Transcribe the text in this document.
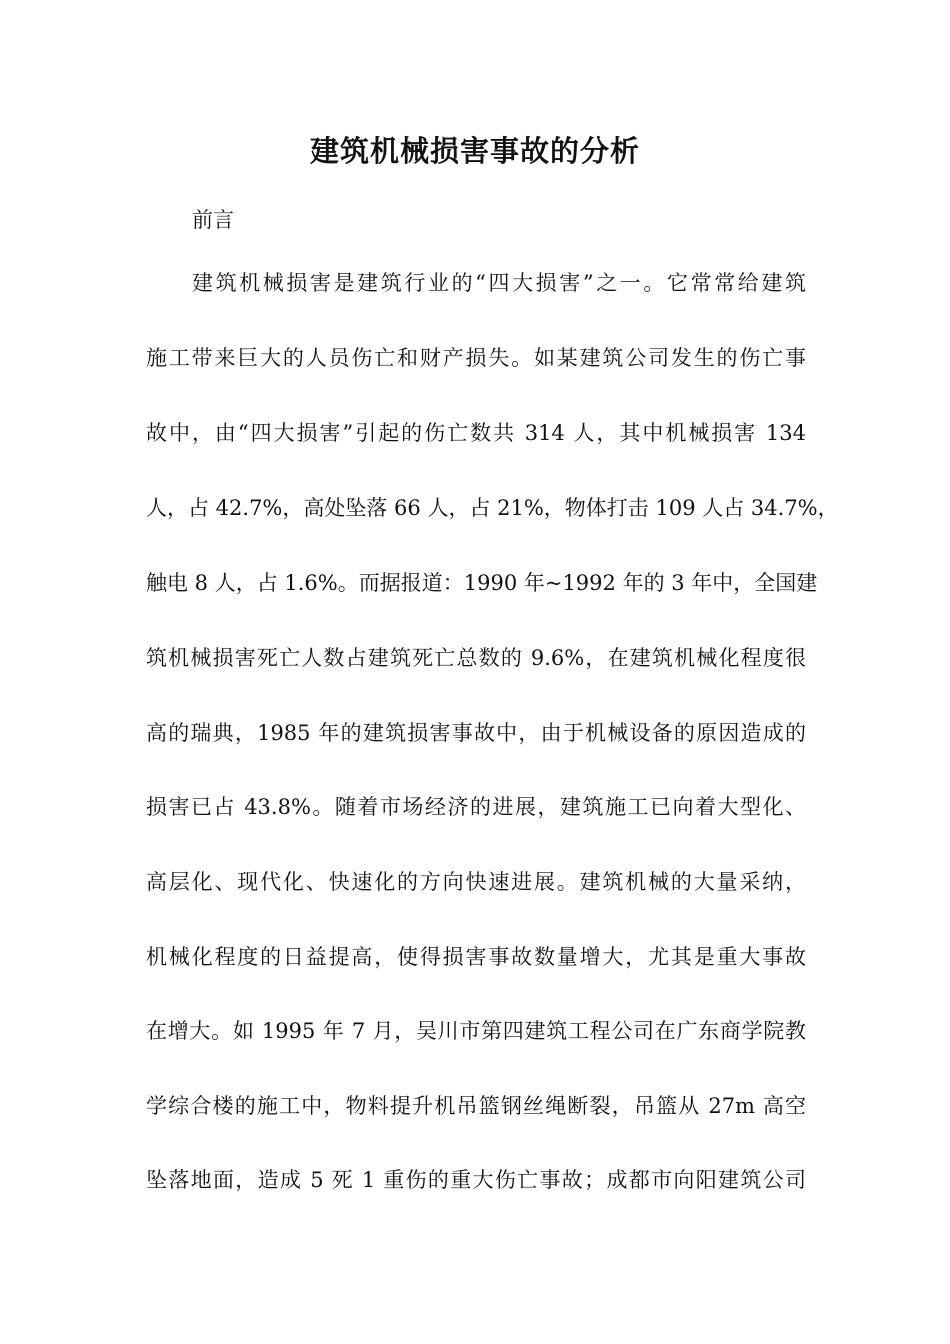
建筑机械损害事故的分析
前言
建筑机械损害是建筑行业的“四大损害”之一。它常常给建筑
施工带来巨大的人员伤亡和财产损失。如某建筑公司发生的伤亡事
故中，由“四大损害”引起的伤亡数共 314 人，其中机械损害 134
人，占 42.7%，高处坠落 66 人，占 21%，物体打击 109 人占 34.7%，
触电 8 人，占 1.6%。而据报道：1990 年~1992 年的 3 年中，全国建
筑机械损害死亡人数占建筑死亡总数的 9.6%，在建筑机械化程度很
高的瑞典，1985 年的建筑损害事故中，由于机械设备的原因造成的
损害已占 43.8%。随着市场经济的进展，建筑施工已向着大型化、
高层化、现代化、快速化的方向快速进展。建筑机械的大量采纳，
机械化程度的日益提高，使得损害事故数量增大，尤其是重大事故
在增大。如 1995 年 7 月，吴川市第四建筑工程公司在广东商学院教
学综合楼的施工中，物料提升机吊篮钢丝绳断裂，吊篮从 27m 高空
坠落地面，造成 5 死 1 重伤的重大伤亡事故；成都市向阳建筑公司
